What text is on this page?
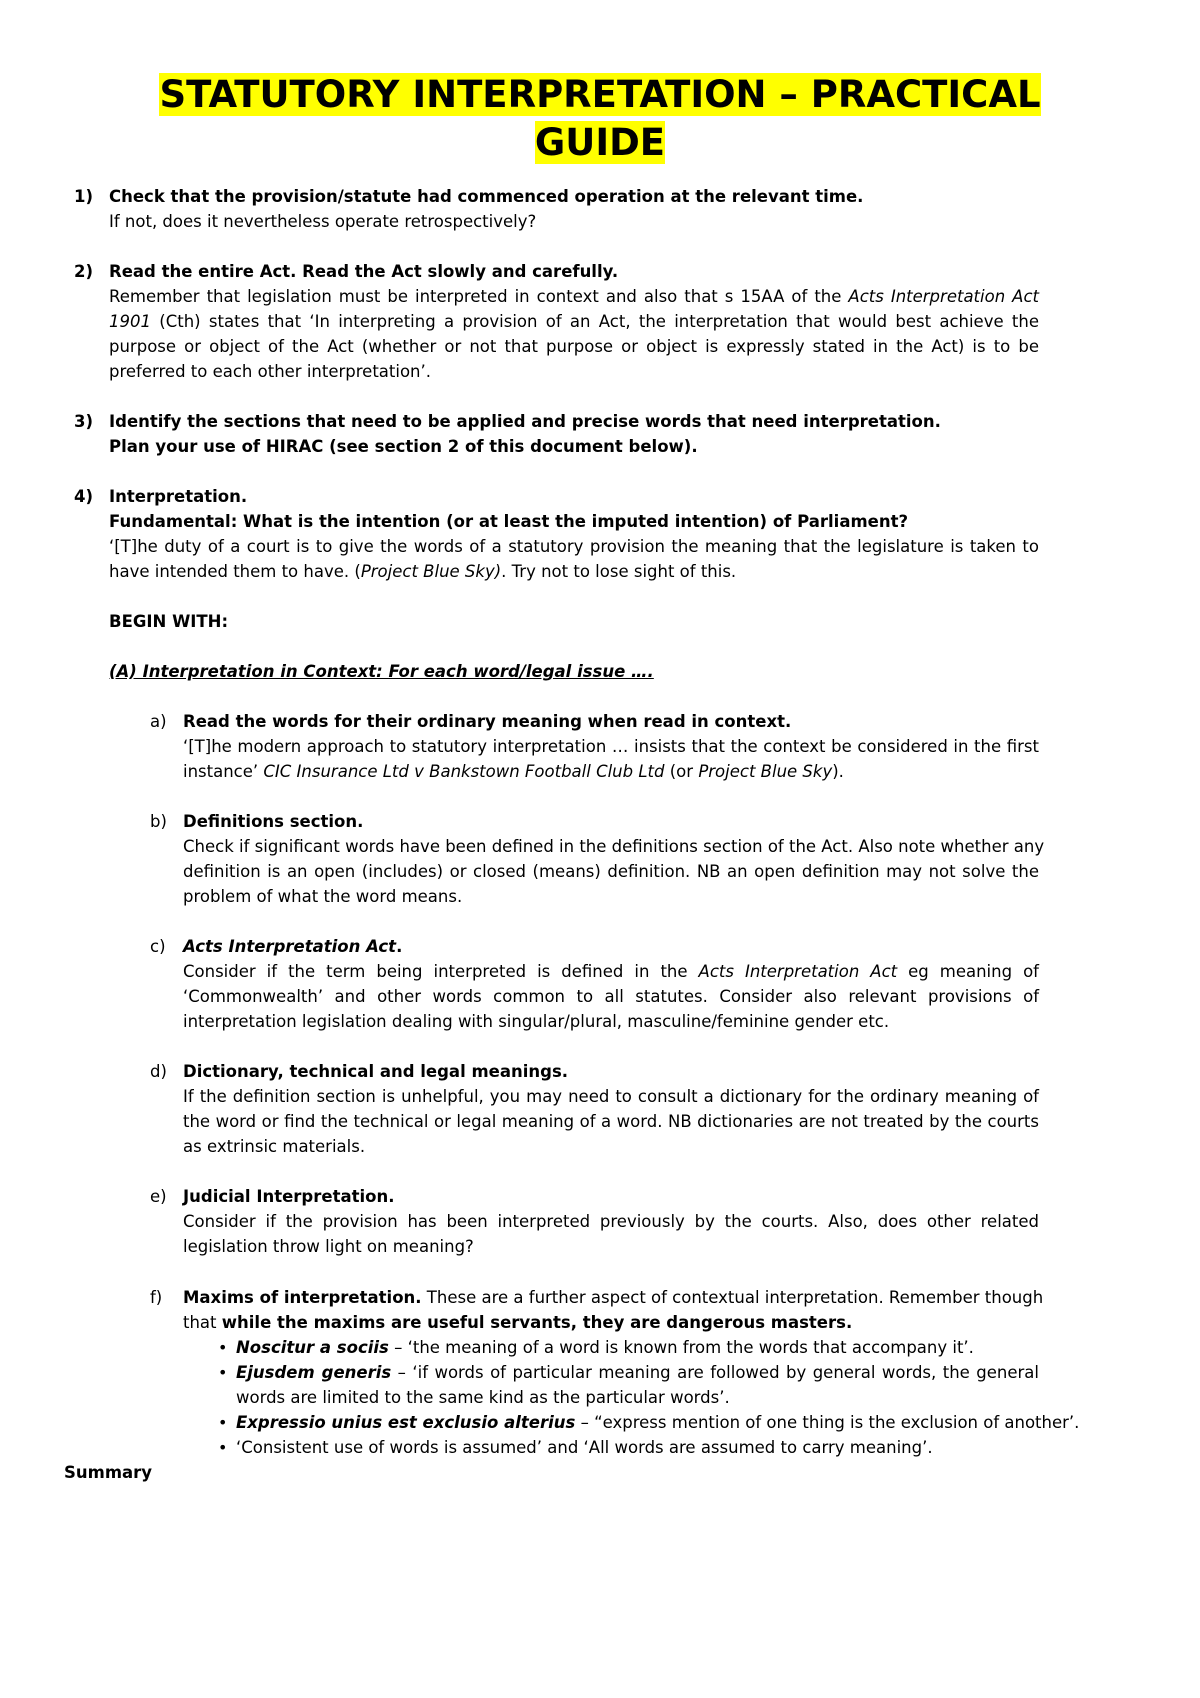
STATUTORY INTERPRETATION – PRACTICAL
GUIDE
1) Check that the provision/statute had commenced operation at the relevant time.
If not, does it nevertheless operate retrospectively?
2) Read the entire Act. Read the Act slowly and carefully.
Remember that legislation must be interpreted in context and also that s 15AA of the Acts Interpretation Act
1901 (Cth) states that ‘In interpreting a provision of an Act, the interpretation that would best achieve the
purpose or object of the Act (whether or not that purpose or object is expressly stated in the Act) is to be
preferred to each other interpretation’.
3) Identify the sections that need to be applied and precise words that need interpretation.
Plan your use of HIRAC (see section 2 of this document below).
4) Interpretation.
Fundamental: What is the intention (or at least the imputed intention) of Parliament?
‘[T]he duty of a court is to give the words of a statutory provision the meaning that the legislature is taken to
have intended them to have. (Project Blue Sky). Try not to lose sight of this.
BEGIN WITH:
(A) Interpretation in Context: For each word/legal issue ….
a) Read the words for their ordinary meaning when read in context.
‘[T]he modern approach to statutory interpretation … insists that the context be considered in the first
instance’ CIC Insurance Ltd v Bankstown Football Club Ltd (or Project Blue Sky).
b) Definitions section.
Check if significant words have been defined in the definitions section of the Act. Also note whether any
definition is an open (includes) or closed (means) definition. NB an open definition may not solve the
problem of what the word means.
c) Acts Interpretation Act.
Consider if the term being interpreted is defined in the Acts Interpretation Act eg meaning of
‘Commonwealth’ and other words common to all statutes. Consider also relevant provisions of
interpretation legislation dealing with singular/plural, masculine/feminine gender etc.
d) Dictionary, technical and legal meanings.
If the definition section is unhelpful, you may need to consult a dictionary for the ordinary meaning of
the word or find the technical or legal meaning of a word. NB dictionaries are not treated by the courts
as extrinsic materials.
e) Judicial Interpretation.
Consider if the provision has been interpreted previously by the courts. Also, does other related
legislation throw light on meaning?
f) Maxims of interpretation. These are a further aspect of contextual interpretation. Remember though
that while the maxims are useful servants, they are dangerous masters.
• Noscitur a sociis – ‘the meaning of a word is known from the words that accompany it’.
• Ejusdem generis – ‘if words of particular meaning are followed by general words, the general
words are limited to the same kind as the particular words’.
• Expressio unius est exclusio alterius – “express mention of one thing is the exclusion of another’.
• ‘Consistent use of words is assumed’ and ‘All words are assumed to carry meaning’.
Summary
